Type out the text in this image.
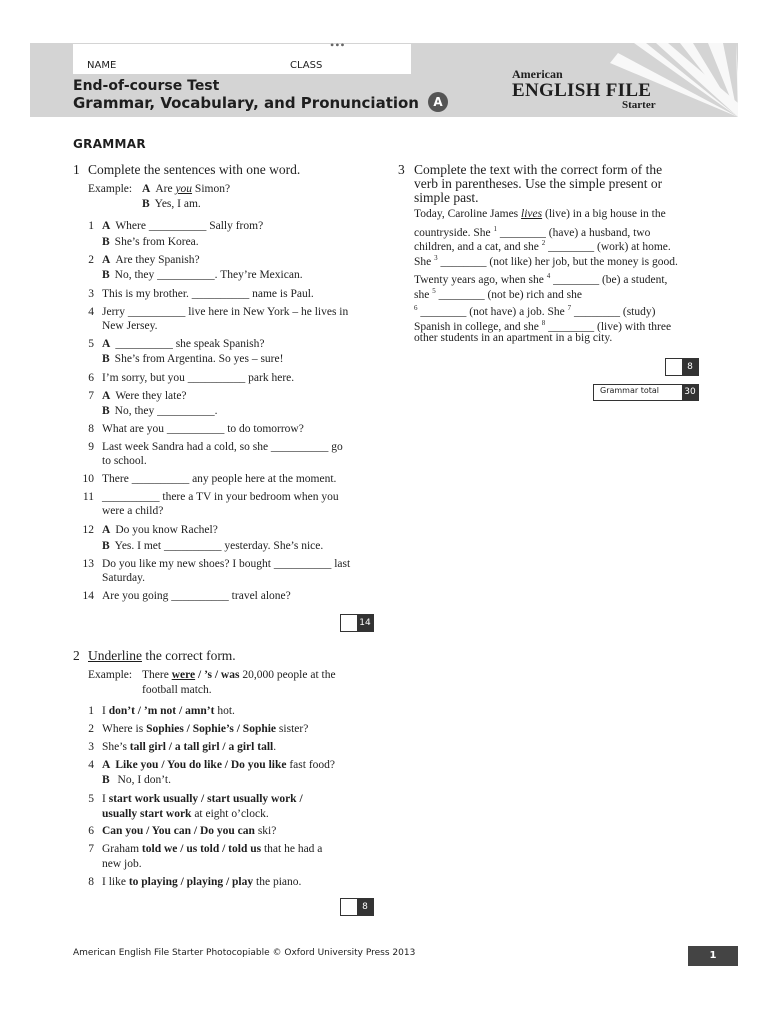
•••
NAME	CLASS
End-of-course Test
Grammar, Vocabulary, and Pronunciation	A
American
ENGLISH FILE
Starter
GRAMMAR
1 Complete the sentences with one word.
Example: A Are you Simon?
B Yes, I am.
1 A Where __________ Sally from?
B She’s from Korea.
2 A Are they Spanish?
B No, they __________. They’re Mexican.
3 This is my brother. __________ name is Paul.
4 Jerry __________ live here in New York – he lives in
New Jersey.
5 A __________ she speak Spanish?
B She’s from Argentina. So yes – sure!
6 I’m sorry, but you __________ park here.
7 A Were they late?
B No, they __________.
8 What are you __________ to do tomorrow?
9 Last week Sandra had a cold, so she __________ go
to school.
10 There __________ any people here at the moment.
11 __________ there a TV in your bedroom when you
were a child?
12 A Do you know Rachel?
B Yes. I met __________ yesterday. She’s nice.
13 Do you like my new shoes? I bought __________ last
Saturday.
14 Are you going __________ travel alone?
14
2 Underline the correct form.
Example: There were / ’s / was 20,000 people at the
football match.
1 I don’t / ’m not / amn’t hot.
2 Where is Sophies / Sophie’s / Sophie sister?
3 She’s tall girl / a tall girl / a girl tall.
4 A Like you / You do like / Do you like fast food?
B No, I don’t.
5 I start work usually / start usually work /
usually start work at eight o’clock.
6 Can you / You can / Do you can ski?
7 Graham told we / us told / told us that he had a
new job.
8 I like to playing / playing / play the piano.
8
3 Complete the text with the correct form of the
verb in parentheses. Use the simple present or
simple past.
Today, Caroline James lives (live) in a big house in the
countryside. She $^1$ ________ (have) a husband, two
children, and a cat, and she $^2$ ________ (work) at home.
She $^3$ ________ (not like) her job, but the money is good.
Twenty years ago, when she $^4$ ________ (be) a student,
she $^5$ ________ (not be) rich and she
$^6$ ________ (not have) a job. She $^7$ ________ (study)
Spanish in college, and she $^8$ ________ (live) with three
other students in an apartment in a big city.
8
Grammar total	30
American English File Starter Photocopiable © Oxford University Press 2013	1
